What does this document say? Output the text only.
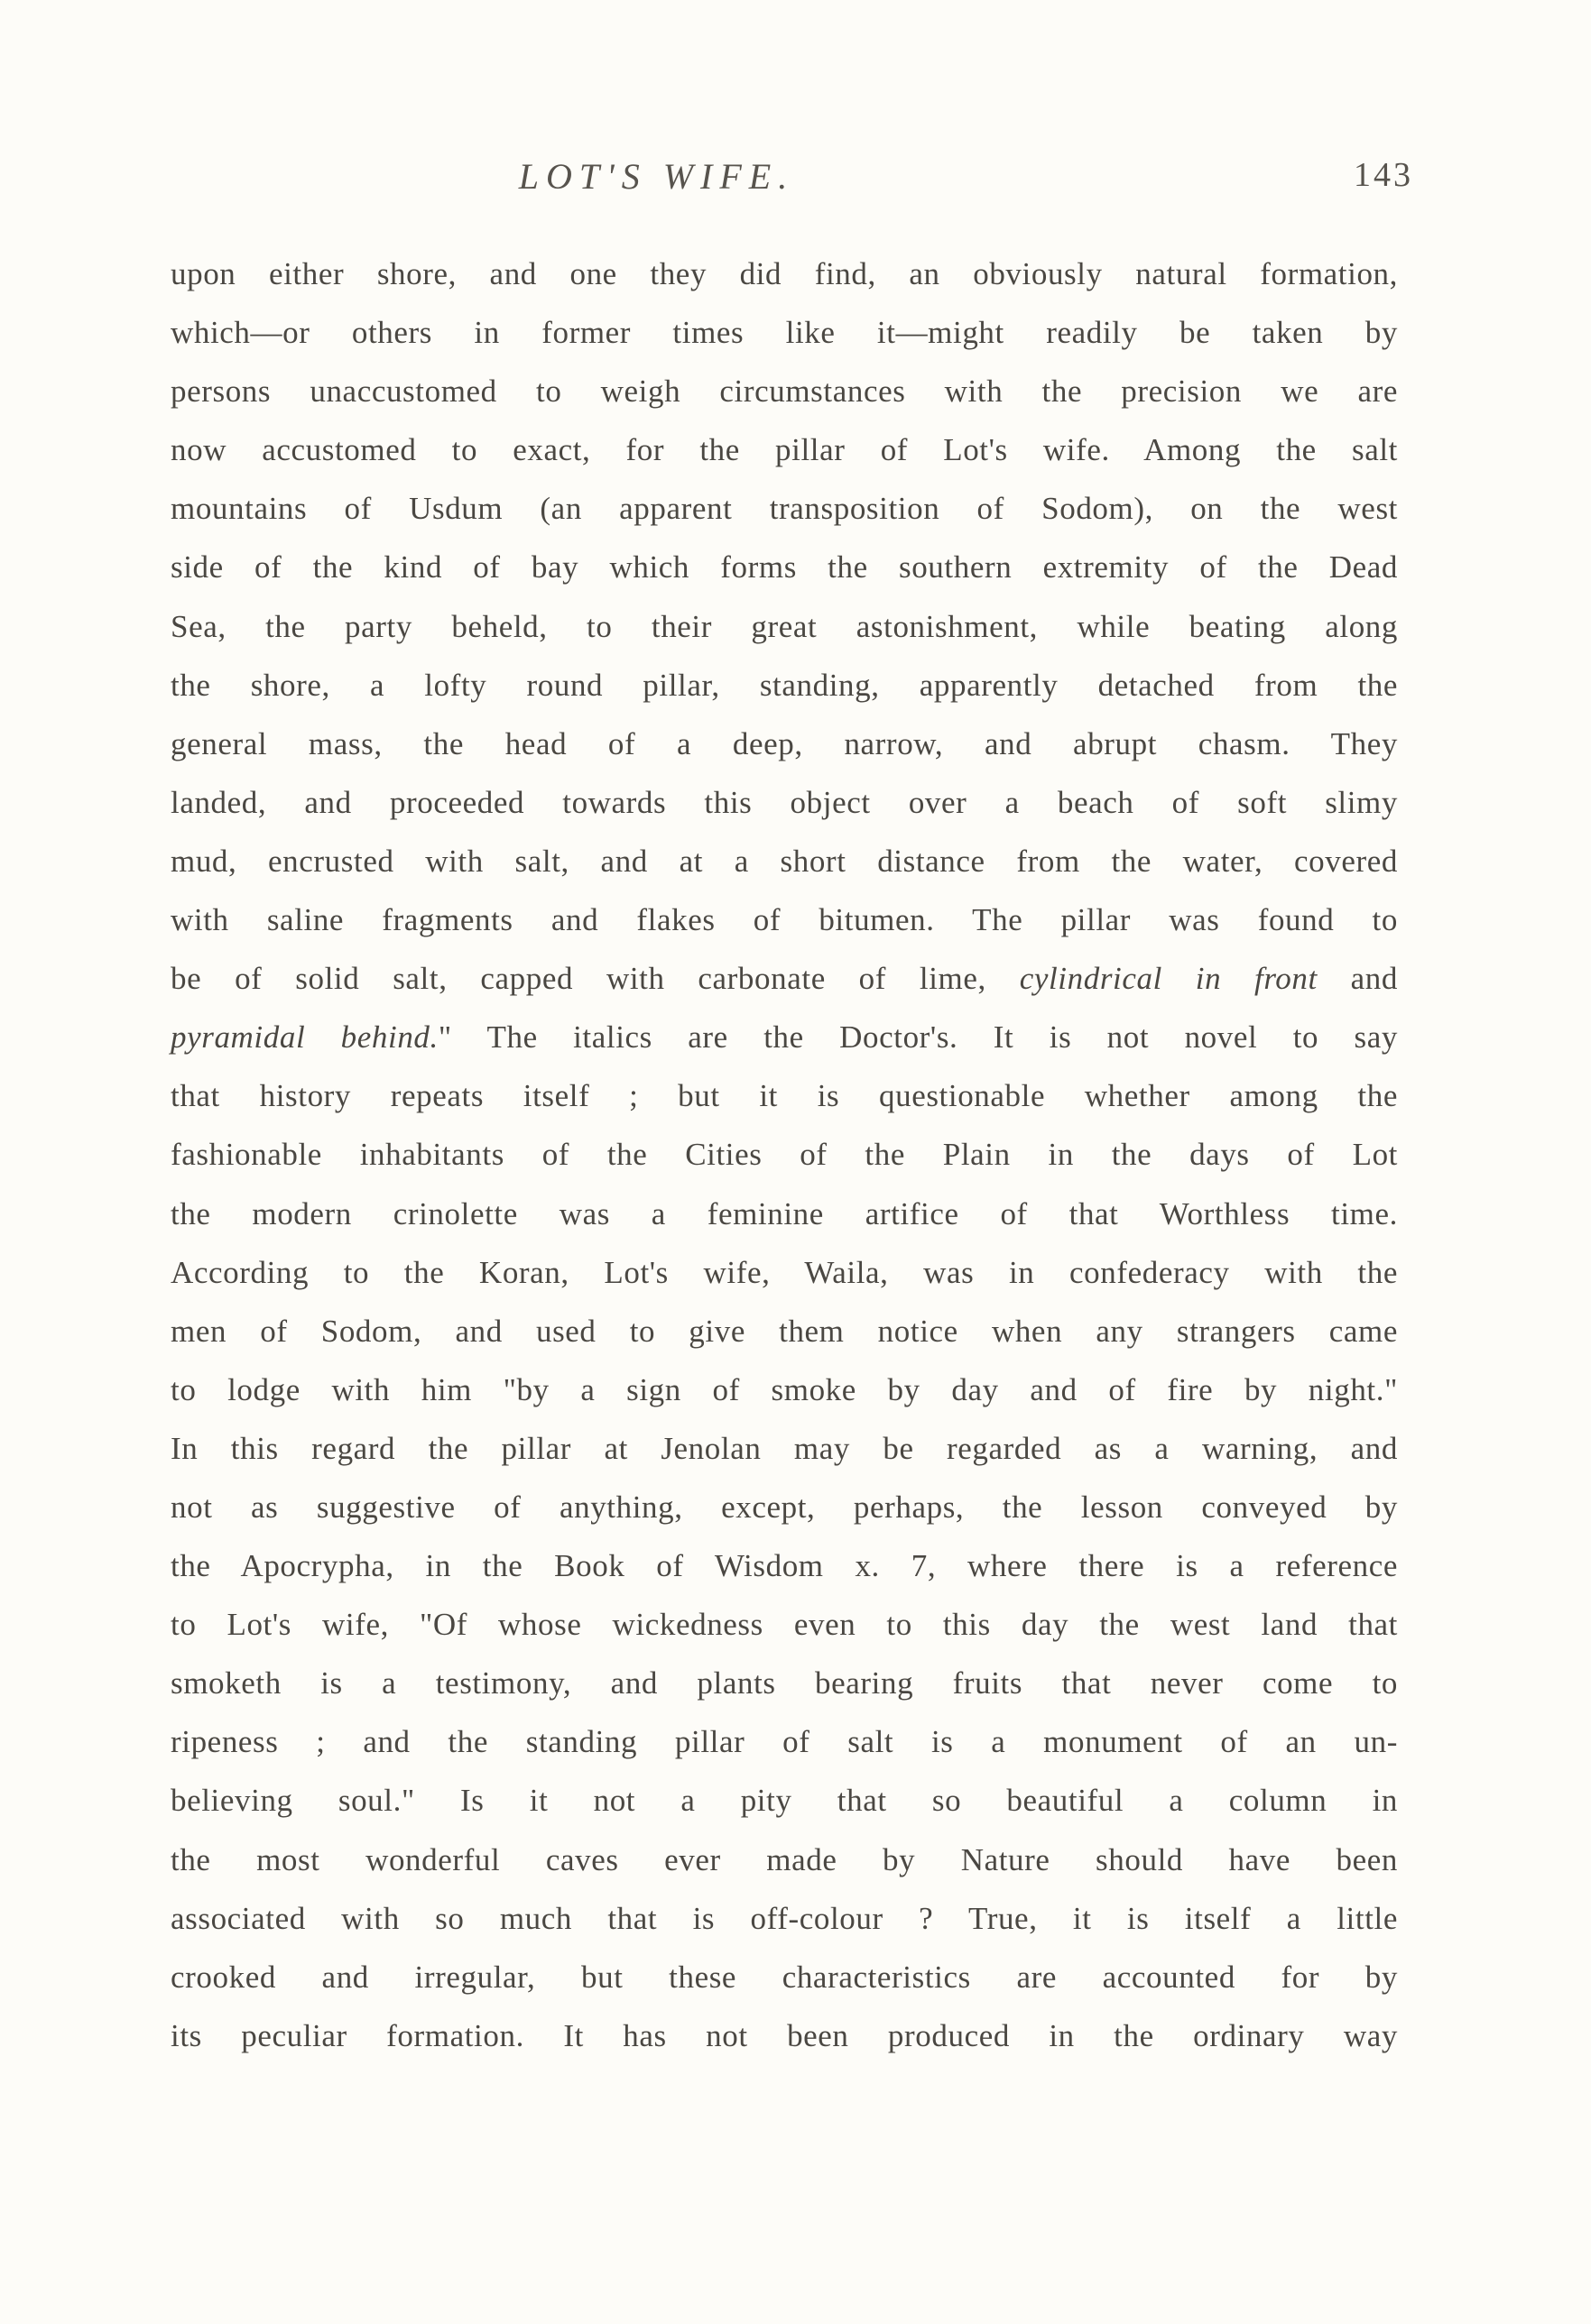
LOT'S WIFE.	143
upon either shore, and one they did find, an obviously natural formation,
which—or others in former times like it—might readily be taken by
persons unaccustomed to weigh circumstances with the precision we are
now accustomed to exact, for the pillar of Lot's wife. Among the salt
mountains of Usdum (an apparent transposition of Sodom), on the west
side of the kind of bay which forms the southern extremity of the Dead
Sea, the party beheld, to their great astonishment, while beating along
the shore, a lofty round pillar, standing, apparently detached from the
general mass, the head of a deep, narrow, and abrupt chasm. They
landed, and proceeded towards this object over a beach of soft slimy
mud, encrusted with salt, and at a short distance from the water, covered
with saline fragments and flakes of bitumen. The pillar was found to
be of solid salt, capped with carbonate of lime, cylindrical in front and
pyramidal behind." The italics are the Doctor's. It is not novel to say
that history repeats itself ; but it is questionable whether among the
fashionable inhabitants of the Cities of the Plain in the days of Lot
the modern crinolette was a feminine artifice of that Worthless time.
According to the Koran, Lot's wife, Waila, was in confederacy with the
men of Sodom, and used to give them notice when any strangers came
to lodge with him "by a sign of smoke by day and of fire by night."
In this regard the pillar at Jenolan may be regarded as a warning, and
not as suggestive of anything, except, perhaps, the lesson conveyed by
the Apocrypha, in the Book of Wisdom x. 7, where there is a reference
to Lot's wife, "Of whose wickedness even to this day the west land that
smoketh is a testimony, and plants bearing fruits that never come to
ripeness ; and the standing pillar of salt is a monument of an un-
believing soul." Is it not a pity that so beautiful a column in
the most wonderful caves ever made by Nature should have been
associated with so much that is off-colour ? True, it is itself a little
crooked and irregular, but these characteristics are accounted for by
its peculiar formation. It has not been produced in the ordinary way
